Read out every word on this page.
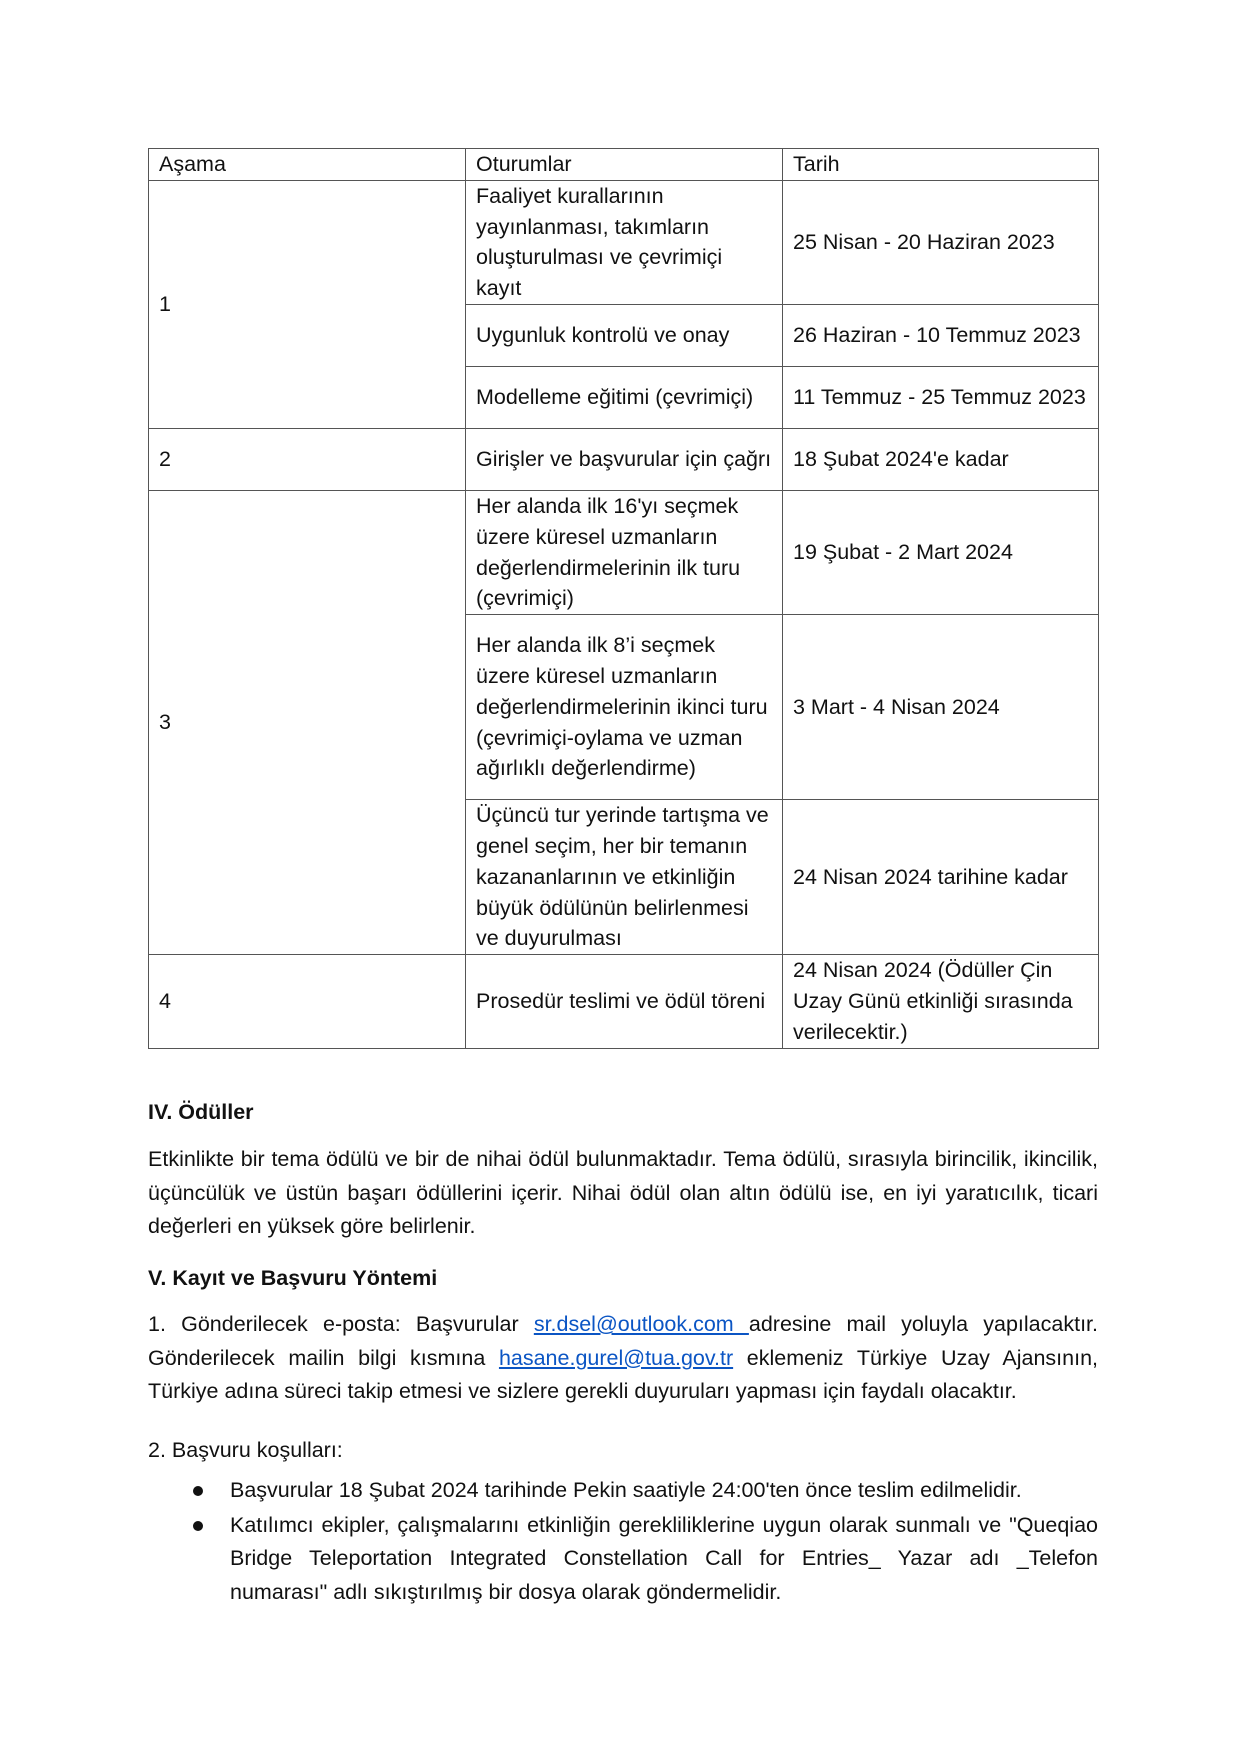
Aşama	Oturumlar	Tarih
1	Faaliyet kurallarının yayınlanması, takımların oluşturulması ve çevrimiçi kayıt	25 Nisan - 20 Haziran 2023
	Uygunluk kontrolü ve onay	26 Haziran - 10 Temmuz 2023
	Modelleme eğitimi (çevrimiçi)	11 Temmuz - 25 Temmuz 2023
2	Girişler ve başvurular için çağrı	18 Şubat 2024'e kadar
3	Her alanda ilk 16'yı seçmek üzere küresel uzmanların değerlendirmelerinin ilk turu (çevrimiçi)	19 Şubat - 2 Mart 2024
	Her alanda ilk 8’i seçmek üzere küresel uzmanların değerlendirmelerinin ikinci turu (çevrimiçi-oylama ve uzman ağırlıklı değerlendirme)	3 Mart - 4 Nisan 2024
	Üçüncü tur yerinde tartışma ve genel seçim, her bir temanın kazananlarının ve etkinliğin büyük ödülünün belirlenmesi ve duyurulması	24 Nisan 2024 tarihine kadar
4	Prosedür teslimi ve ödül töreni	24 Nisan 2024 (Ödüller Çin Uzay Günü etkinliği sırasında verilecektir.)
IV. Ödüller

Etkinlikte bir tema ödülü ve bir de nihai ödül bulunmaktadır. Tema ödülü, sırasıyla birincilik, ikincilik, üçüncülük ve üstün başarı ödüllerini içerir. Nihai ödül olan altın ödülü ise, en iyi yaratıcılık, ticari değerleri en yüksek göre belirlenir.

V. Kayıt ve Başvuru Yöntemi

1. Gönderilecek e-posta: Başvurular sr.dsel@outlook.com adresine mail yoluyla yapılacaktır. Gönderilecek mailin bilgi kısmına hasane.gurel@tua.gov.tr eklemeniz Türkiye Uzay Ajansının, Türkiye adına süreci takip etmesi ve sizlere gerekli duyuruları yapması için faydalı olacaktır.

2. Başvuru koşulları:

Başvurular 18 Şubat 2024 tarihinde Pekin saatiyle 24:00'ten önce teslim edilmelidir.
Katılımcı ekipler, çalışmalarını etkinliğin gerekliliklerine uygun olarak sunmalı ve "Queqiao Bridge Teleportation Integrated Constellation Call for Entries_ Yazar adı _Telefon numarası" adlı sıkıştırılmış bir dosya olarak göndermelidir.
